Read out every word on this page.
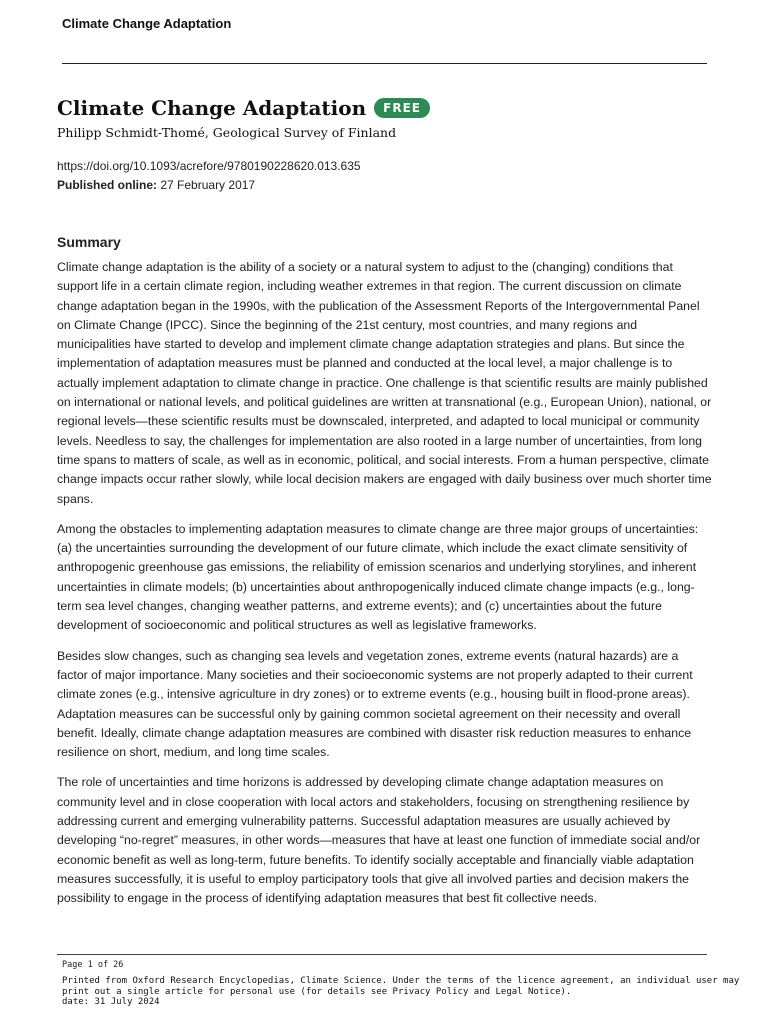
Climate Change Adaptation
Climate Change Adaptation	FREE
Philipp Schmidt-Thomé, Geological Survey of Finland
https://doi.org/10.1093/acrefore/9780190228620.013.635
Published online: 27 February 2017
Summary

Climate change adaptation is the ability of a society or a natural system to adjust to the (changing) conditions that support life in a certain climate region, including weather extremes in that region. The current discussion on climate change adaptation began in the 1990s, with the publication of the Assessment Reports of the Intergovernmental Panel on Climate Change (IPCC). Since the beginning of the 21st century, most countries, and many regions and municipalities have started to develop and implement climate change adaptation strategies and plans. But since the implementation of adaptation measures must be planned and conducted at the local level, a major challenge is to actually implement adaptation to climate change in practice. One challenge is that scientific results are mainly published on international or national levels, and political guidelines are written at transnational (e.g., European Union), national, or regional levels—these scientific results must be downscaled, interpreted, and adapted to local municipal or community levels. Needless to say, the challenges for implementation are also rooted in a large number of uncertainties, from long time spans to matters of scale, as well as in economic, political, and social interests. From a human perspective, climate change impacts occur rather slowly, while local decision makers are engaged with daily business over much shorter time spans.

Among the obstacles to implementing adaptation measures to climate change are three major groups of uncertainties: (a) the uncertainties surrounding the development of our future climate, which include the exact climate sensitivity of anthropogenic greenhouse gas emissions, the reliability of emission scenarios and underlying storylines, and inherent uncertainties in climate models; (b) uncertainties about anthropogenically induced climate change impacts (e.g., long-term sea level changes, changing weather patterns, and extreme events); and (c) uncertainties about the future development of socioeconomic and political structures as well as legislative frameworks.

Besides slow changes, such as changing sea levels and vegetation zones, extreme events (natural hazards) are a factor of major importance. Many societies and their socioeconomic systems are not properly adapted to their current climate zones (e.g., intensive agriculture in dry zones) or to extreme events (e.g., housing built in flood-prone areas). Adaptation measures can be successful only by gaining common societal agreement on their necessity and overall benefit. Ideally, climate change adaptation measures are combined with disaster risk reduction measures to enhance resilience on short, medium, and long time scales.

The role of uncertainties and time horizons is addressed by developing climate change adaptation measures on community level and in close cooperation with local actors and stakeholders, focusing on strengthening resilience by addressing current and emerging vulnerability patterns. Successful adaptation measures are usually achieved by developing “no-regret” measures, in other words—measures that have at least one function of immediate social and/or economic benefit as well as long-term, future benefits. To identify socially acceptable and financially viable adaptation measures successfully, it is useful to employ participatory tools that give all involved parties and decision makers the possibility to engage in the process of identifying adaptation measures that best fit collective needs.

Page 1 of 26
Printed from Oxford Research Encyclopedias, Climate Science. Under the terms of the licence agreement, an individual user may
print out a single article for personal use (for details see Privacy Policy and Legal Notice).
date: 31 July 2024
